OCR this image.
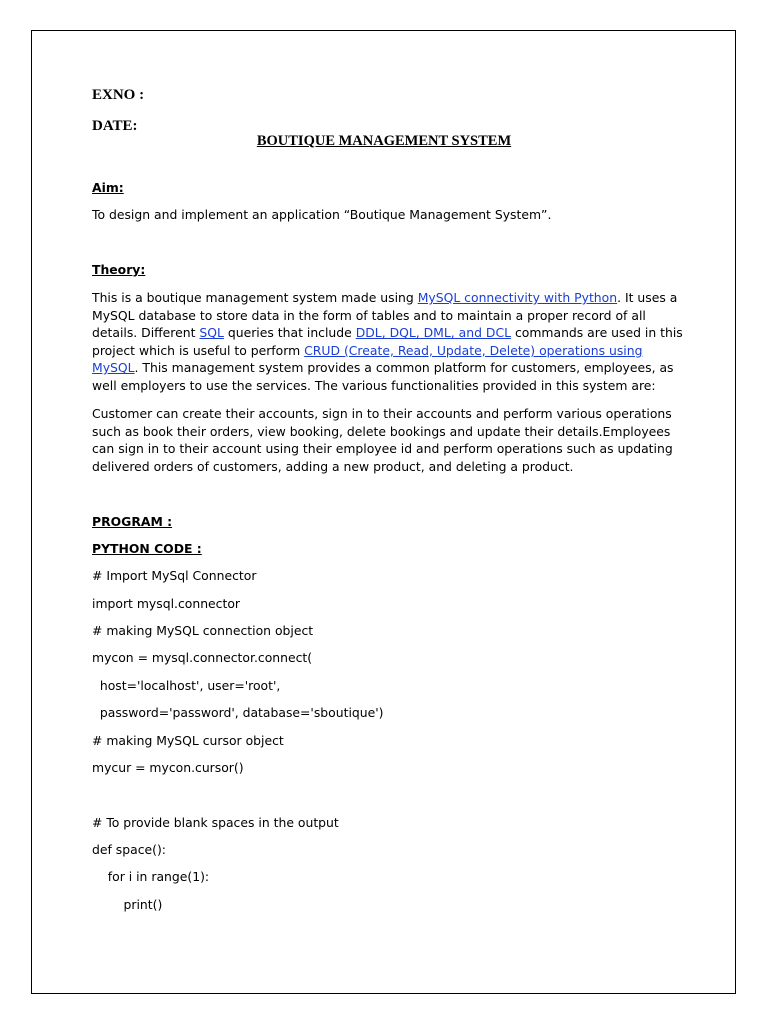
EXNO :
DATE:
BOUTIQUE MANAGEMENT SYSTEM
Aim:
To design and implement an application “Boutique Management System”.
Theory:

This is a boutique management system made using MySQL connectivity with Python. It uses a MySQL database to store data in the form of tables and to maintain a proper record of all details. Different SQL queries that include DDL, DQL, DML, and DCL commands are used in this project which is useful to perform CRUD (Create, Read, Update, Delete) operations using MySQL. This management system provides a common platform for customers, employees, as well employers to use the services. The various functionalities provided in this system are:

Customer can create their accounts, sign in to their accounts and perform various operations such as book their orders, view booking, delete bookings and update their details.Employees can sign in to their account using their employee id and perform operations such as updating delivered orders of customers, adding a new product, and deleting a product.

PROGRAM :
PYTHON CODE :
# Import MySql Connector
import mysql.connector
# making MySQL connection object
mycon = mysql.connector.connect(
host='localhost', user='root',
password='password', database='sboutique')
# making MySQL cursor object
mycur = mycon.cursor()
# To provide blank spaces in the output
def space():
for i in range(1):
print()
